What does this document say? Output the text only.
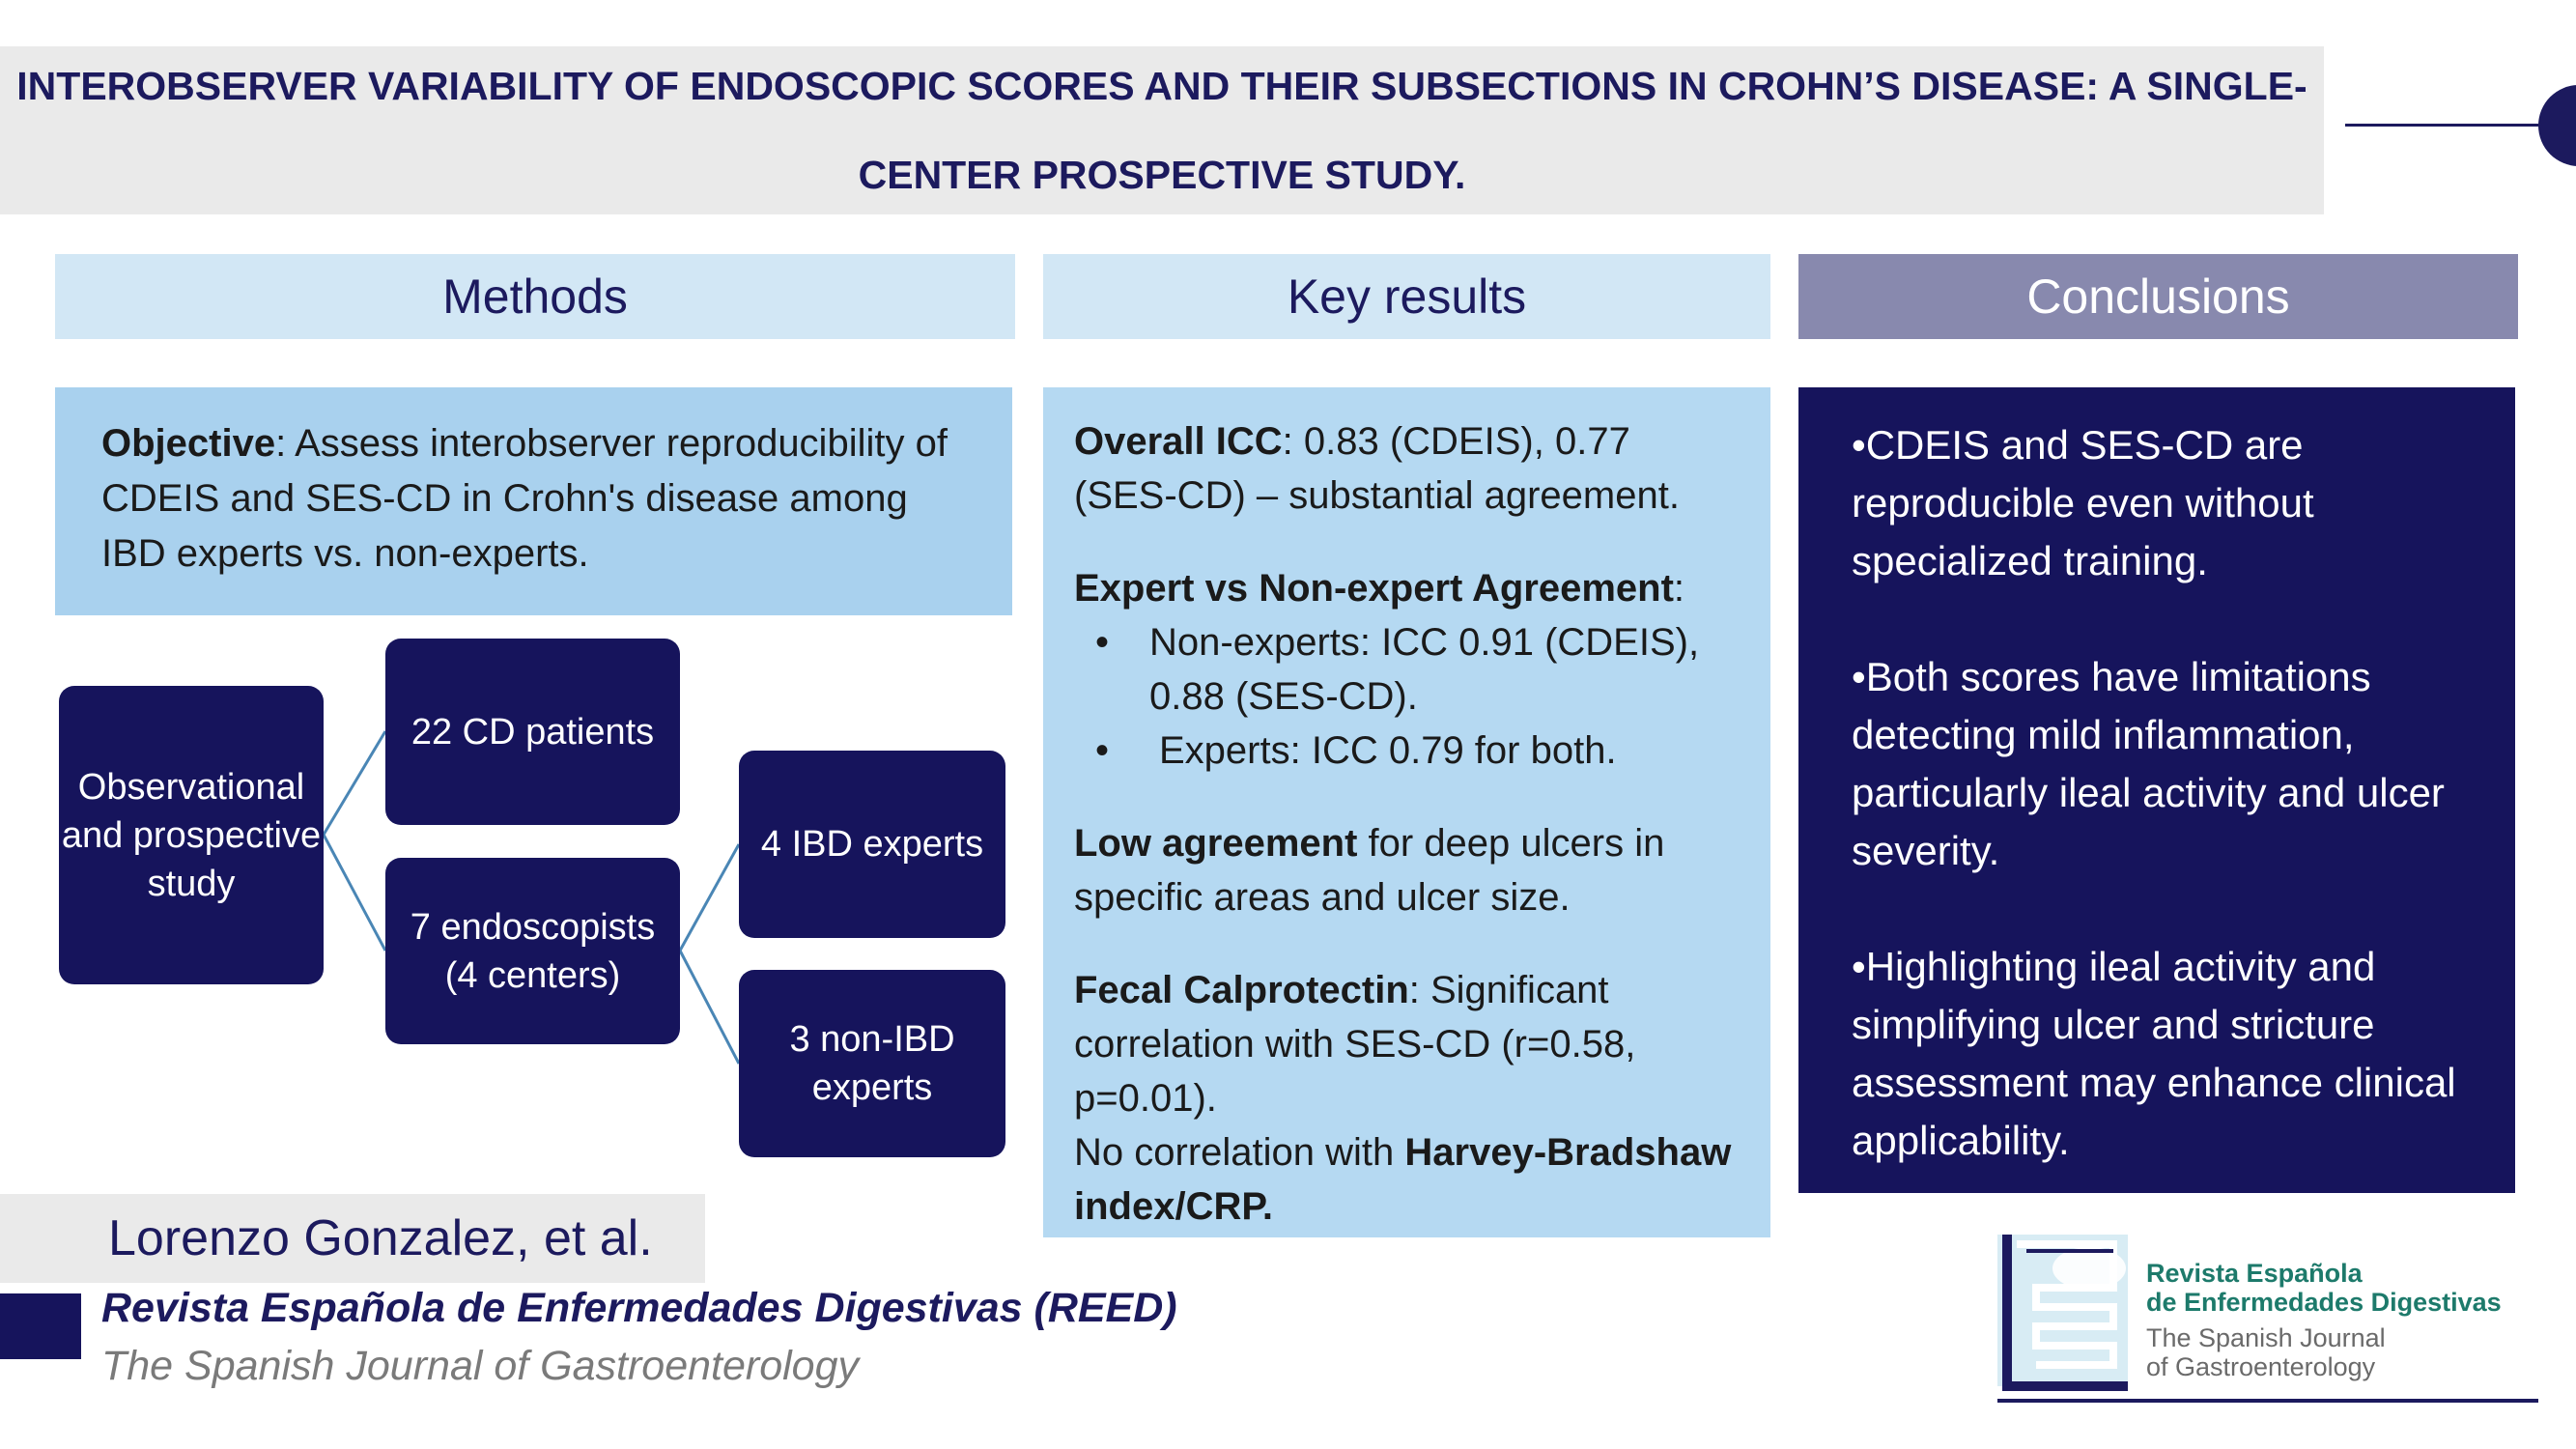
INTEROBSERVER VARIABILITY OF ENDOSCOPIC SCORES AND THEIR SUBSECTIONS IN CROHN’S DISEASE: A SINGLE-
CENTER PROSPECTIVE STUDY.
Methods	Key results	Conclusions
Objective: Assess interobserver reproducibility of CDEIS and SES-CD in Crohn's disease among IBD experts vs. non-experts.
Observational and prospective study
22 CD patients
7 endoscopists
(4 centers)
4 IBD experts
3 non-IBD experts

Overall ICC: 0.83 (CDEIS), 0.77 (SES-CD) – substantial agreement.

Expert vs Non-expert Agreement:

•	Non-experts: ICC 0.91 (CDEIS), 0.88 (SES-CD).
•	Experts: ICC 0.79 for both.

Low agreement for deep ulcers in specific areas and ulcer size.

Fecal Calprotectin: Significant correlation with SES-CD (r=0.58, p=0.01).

No correlation with Harvey-Bradshaw index/CRP.

•CDEIS and SES-CD are reproducible even without specialized training.

•Both scores have limitations detecting mild inflammation, particularly ileal activity and ulcer severity.

•Highlighting ileal activity and simplifying ulcer and stricture assessment may enhance clinical applicability.

Lorenzo Gonzalez, et al.
Revista Española de Enfermedades Digestivas (REED)
The Spanish Journal of Gastroenterology
Revista Española
de Enfermedades Digestivas
The Spanish Journal
of Gastroenterology
